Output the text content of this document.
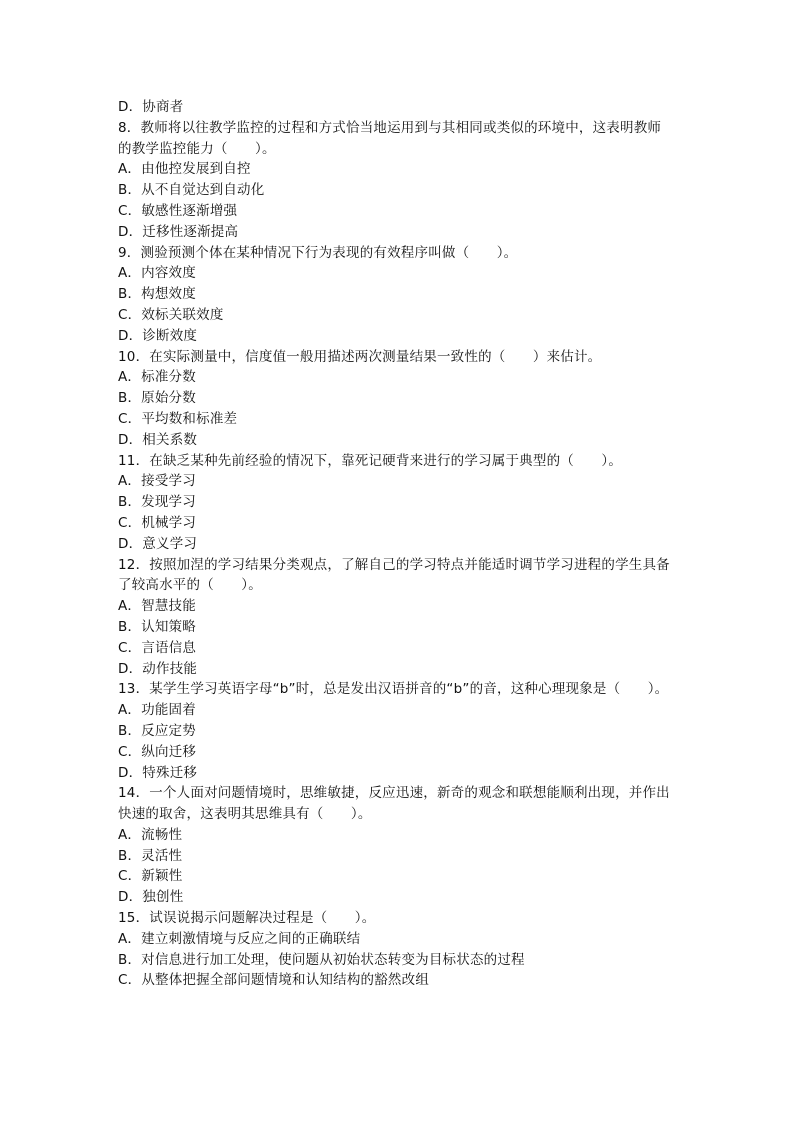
D．协商者
8．教师将以往教学监控的过程和方式恰当地运用到与其相同或类似的环境中，这表明教师的教学监控能力（　　）。
A．由他控发展到自控
B．从不自觉达到自动化
C．敏感性逐渐增强
D．迁移性逐渐提高
9．测验预测个体在某种情况下行为表现的有效程序叫做（　　）。
A．内容效度
B．构想效度
C．效标关联效度
D．诊断效度
10．在实际测量中，信度值一般用描述两次测量结果一致性的（　　）来估计。
A．标准分数
B．原始分数
C．平均数和标准差
D．相关系数
11．在缺乏某种先前经验的情况下，靠死记硬背来进行的学习属于典型的（　　）。
A．接受学习
B．发现学习
C．机械学习
D．意义学习
12．按照加涅的学习结果分类观点，了解自己的学习特点并能适时调节学习进程的学生具备了较高水平的（　　）。
A．智慧技能
B．认知策略
C．言语信息
D．动作技能
13．某学生学习英语字母“b”时，总是发出汉语拼音的“b”的音，这种心理现象是（　　）。
A．功能固着
B．反应定势
C．纵向迁移
D．特殊迁移
14．一个人面对问题情境时，思维敏捷，反应迅速，新奇的观念和联想能顺利出现，并作出快速的取舍，这表明其思维具有（　　）。
A．流畅性
B．灵活性
C．新颖性
D．独创性
15．试误说揭示问题解决过程是（　　）。
A．建立刺激情境与反应之间的正确联结
B．对信息进行加工处理，使问题从初始状态转变为目标状态的过程
C．从整体把握全部问题情境和认知结构的豁然改组
